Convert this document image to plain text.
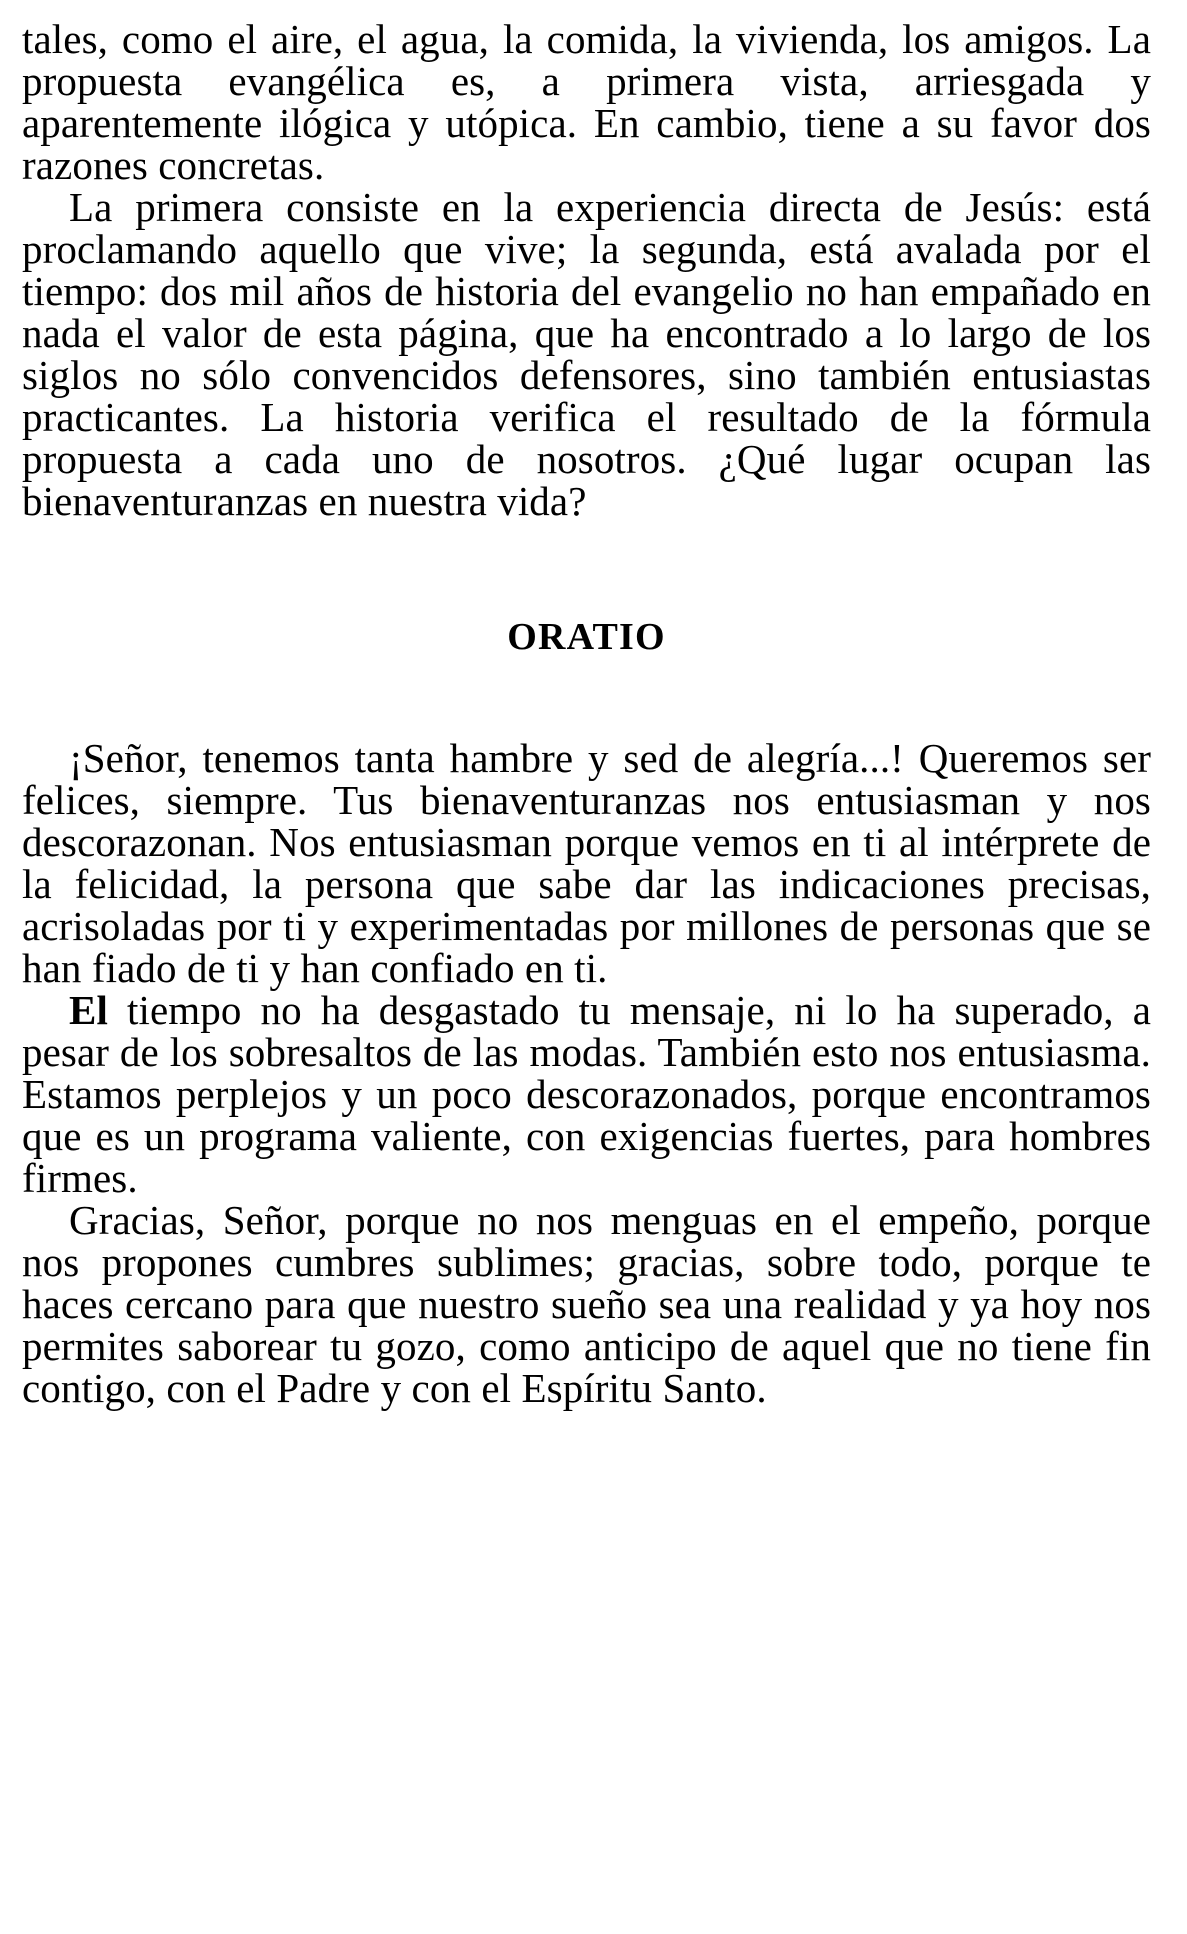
tales, como el aire, el agua, la comida, la vivienda, los amigos. La propuesta evangélica es, a primera vista, arriesgada y aparentemente ilógica y utópica. En cambio, tiene a su favor dos razones concretas.

La primera consiste en la experiencia directa de Jesús: está proclamando aquello que vive; la segunda, está avalada por el tiempo: dos mil años de historia del evangelio no han empañado en nada el valor de esta página, que ha encontrado a lo largo de los siglos no sólo convencidos defensores, sino también entusiastas practicantes. La historia verifica el resultado de la fórmula propuesta a cada uno de nosotros. ¿Qué lugar ocupan las bienaventuranzas en nuestra vida?

ORATIO

¡Señor, tenemos tanta hambre y sed de alegría...! Queremos ser felices, siempre. Tus bienaventuranzas nos entusiasman y nos descorazonan. Nos entusiasman porque vemos en ti al intérprete de la felicidad, la persona que sabe dar las indicaciones precisas, acrisoladas por ti y experimentadas por millones de personas que se han fiado de ti y han confiado en ti.

El tiempo no ha desgastado tu mensaje, ni lo ha superado, a pesar de los sobresaltos de las modas. También esto nos entusiasma. Estamos perplejos y un poco descorazonados, porque encontramos que es un programa valiente, con exigencias fuertes, para hombres firmes.

Gracias, Señor, porque no nos menguas en el empeño, porque nos propones cumbres sublimes; gracias, sobre todo, porque te haces cercano para que nuestro sueño sea una realidad y ya hoy nos permites saborear tu gozo, como anticipo de aquel que no tiene fin contigo, con el Padre y con el Espíritu Santo.
